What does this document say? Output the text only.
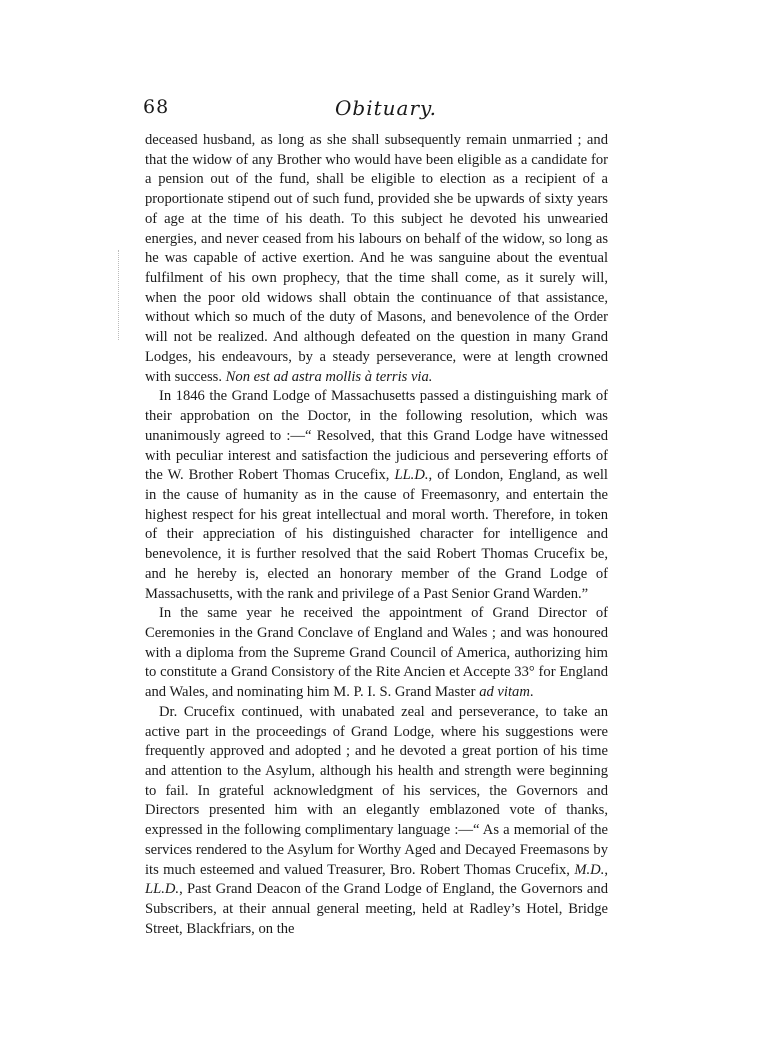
68	Obituary.

deceased husband, as long as she shall subsequently remain unmarried ; and that the widow of any Brother who would have been eligible as a candidate for a pension out of the fund, shall be eligible to election as a recipient of a proportionate stipend out of such fund, provided she be upwards of sixty years of age at the time of his death. To this subject he devoted his unwearied energies, and never ceased from his labours on behalf of the widow, so long as he was capable of active exertion. And he was sanguine about the eventual fulfilment of his own prophecy, that the time shall come, as it surely will, when the poor old widows shall obtain the continuance of that assistance, without which so much of the duty of Masons, and benevolence of the Order will not be realized. And although defeated on the question in many Grand Lodges, his endeavours, by a steady perseverance, were at length crowned with success. Non est ad astra mollis à terris via.

In 1846 the Grand Lodge of Massachusetts passed a distinguishing mark of their approbation on the Doctor, in the following resolution, which was unanimously agreed to :—“ Resolved, that this Grand Lodge have witnessed with peculiar interest and satisfaction the judicious and persevering efforts of the W. Brother Robert Thomas Crucefix, LL.D., of London, England, as well in the cause of humanity as in the cause of Freemasonry, and entertain the highest respect for his great intellectual and moral worth. Therefore, in token of their appreciation of his distinguished character for intelligence and benevolence, it is further resolved that the said Robert Thomas Crucefix be, and he hereby is, elected an honorary member of the Grand Lodge of Massachusetts, with the rank and privilege of a Past Senior Grand Warden.”

In the same year he received the appointment of Grand Director of Ceremonies in the Grand Conclave of England and Wales ; and was honoured with a diploma from the Supreme Grand Council of America, authorizing him to constitute a Grand Consistory of the Rite Ancien et Accepte 33° for England and Wales, and nominating him M. P. I. S. Grand Master ad vitam.

Dr. Crucefix continued, with unabated zeal and perseverance, to take an active part in the proceedings of Grand Lodge, where his suggestions were frequently approved and adopted ; and he devoted a great portion of his time and attention to the Asylum, although his health and strength were beginning to fail. In grateful acknowledgment of his services, the Governors and Directors presented him with an elegantly emblazoned vote of thanks, expressed in the following complimentary language :—“ As a memorial of the services rendered to the Asylum for Worthy Aged and Decayed Freemasons by its much esteemed and valued Treasurer, Bro. Robert Thomas Crucefix, M.D., LL.D., Past Grand Deacon of the Grand Lodge of England, the Governors and Subscribers, at their annual general meeting, held at Radley’s Hotel, Bridge Street, Blackfriars, on the
